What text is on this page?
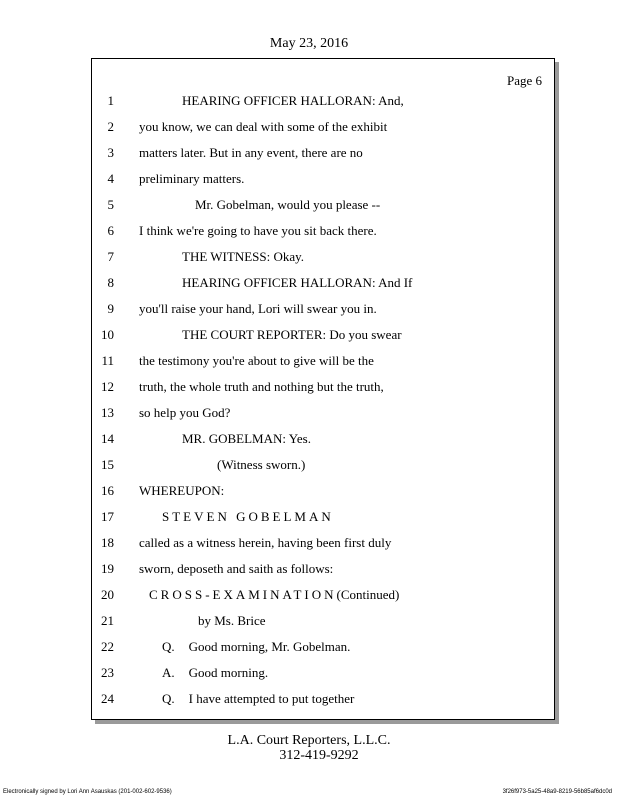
May 23, 2016
Page 6
1	HEARING OFFICER HALLORAN: And,
2 you know, we can deal with some of the exhibit
3 matters later. But in any event, there are no
4 preliminary matters.
5	Mr. Gobelman, would you please --
6 I think we're going to have you sit back there.
7	THE WITNESS: Okay.
8	HEARING OFFICER HALLORAN: And If
9 you'll raise your hand, Lori will swear you in.
10	THE COURT REPORTER: Do you swear
11 the testimony you're about to give will be the
12 truth, the whole truth and nothing but the truth,
13 so help you God?
14	MR. GOBELMAN: Yes.
15	(Witness sworn.)
16 WHEREUPON:
17	STEVEN GOBELMAN
18 called as a witness herein, having been first duly
19 sworn, deposeth and saith as follows:
20	CROSS-EXAMINATION(Continued)
21	by Ms. Brice
22	Q. Good morning, Mr. Gobelman.
23	A. Good morning.
24	Q. I have attempted to put together
L.A. Court Reporters, L.L.C.
312-419-9292
Electronically signed by Lori Ann Asauskas (201-002-602-9536)	3f26f973-5a25-48a9-8219-56b85af6dc0d
